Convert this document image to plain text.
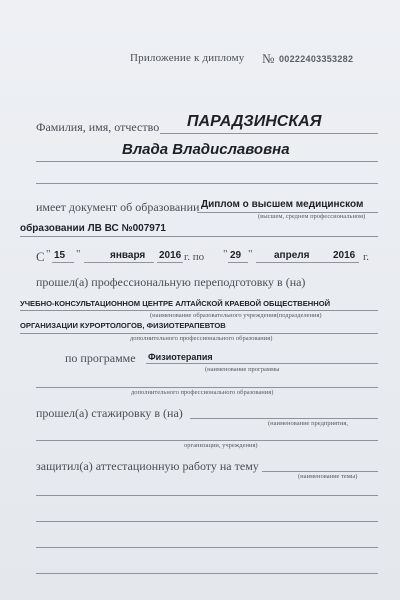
Приложение к диплому № 00222403353282
Фамилия, имя, отчество ПАРАДЗИНСКАЯ
Влада Владиславовна
имеет документ об образовании Диплом о высшем медицинском
(высшем, среднем профессиональном)
образовании ЛВ ВС №007971
С " 15 "	января 2016 г. по " 29 " апреля 2016 г.
прошел(а) профессиональную переподготовку в (на)
УЧЕБНО-КОНСУЛЬТАЦИОННОМ ЦЕНТРЕ АЛТАЙСКОЙ КРАЕВОЙ ОБЩЕСТВЕННОЙ
(наименование образовательного учреждения(подразделения)
ОРГАНИЗАЦИИ КУРОРТОЛОГОВ, ФИЗИОТЕРАПЕВТОВ
дополнительного профессионального образования)
по программе Физиотерапия
(наименование программы
дополнительного профессионального образования)
прошел(а) стажировку в (на)
(наименование предприятия,
организации, учреждения)
защитил(а) аттестационную работу на тему
(наименование темы)
